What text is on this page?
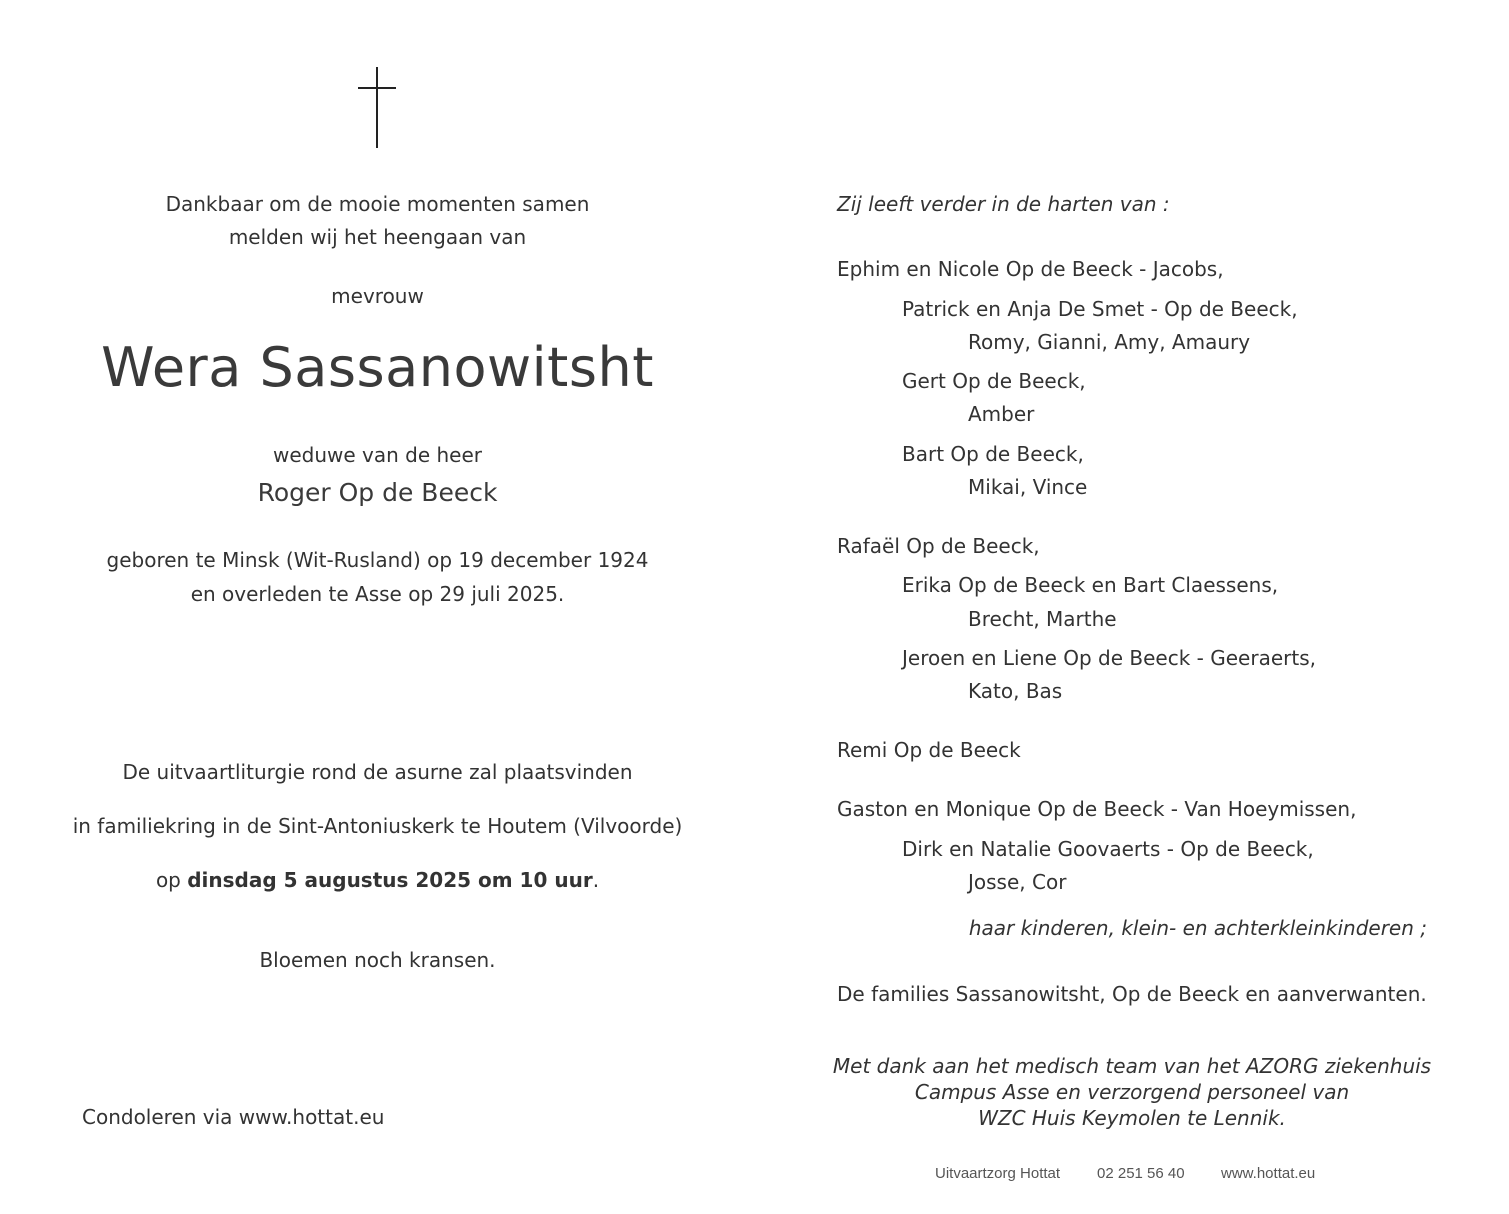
Dankbaar om de mooie momenten samen
melden wij het heengaan van
mevrouw
Wera Sassanowitsht
weduwe van de heer
Roger Op de Beeck
geboren te Minsk (Wit-Rusland) op 19 december 1924
en overleden te Asse op 29 juli 2025.
De uitvaartliturgie rond de asurne zal plaatsvinden
in familiekring in de Sint-Antoniuskerk te Houtem (Vilvoorde)
op dinsdag 5 augustus 2025 om 10 uur.
Bloemen noch kransen.
Condoleren via www.hottat.eu
Zij leeft verder in de harten van :
Ephim en Nicole Op de Beeck - Jacobs,
Patrick en Anja De Smet - Op de Beeck,
Romy, Gianni, Amy, Amaury
Gert Op de Beeck,
Amber
Bart Op de Beeck,
Mikai, Vince
Rafaël Op de Beeck,
Erika Op de Beeck en Bart Claessens,
Brecht, Marthe
Jeroen en Liene Op de Beeck - Geeraerts,
Kato, Bas
Remi Op de Beeck
Gaston en Monique Op de Beeck - Van Hoeymissen,
Dirk en Natalie Goovaerts - Op de Beeck,
Josse, Cor
haar kinderen, klein- en achterkleinkinderen ;
De families Sassanowitsht, Op de Beeck en aanverwanten.
Met dank aan het medisch team van het AZORG ziekenhuis
Campus Asse en verzorgend personeel van
WZC Huis Keymolen te Lennik.
Uitvaartzorg Hottat 02 251 56 40 www.hottat.eu
